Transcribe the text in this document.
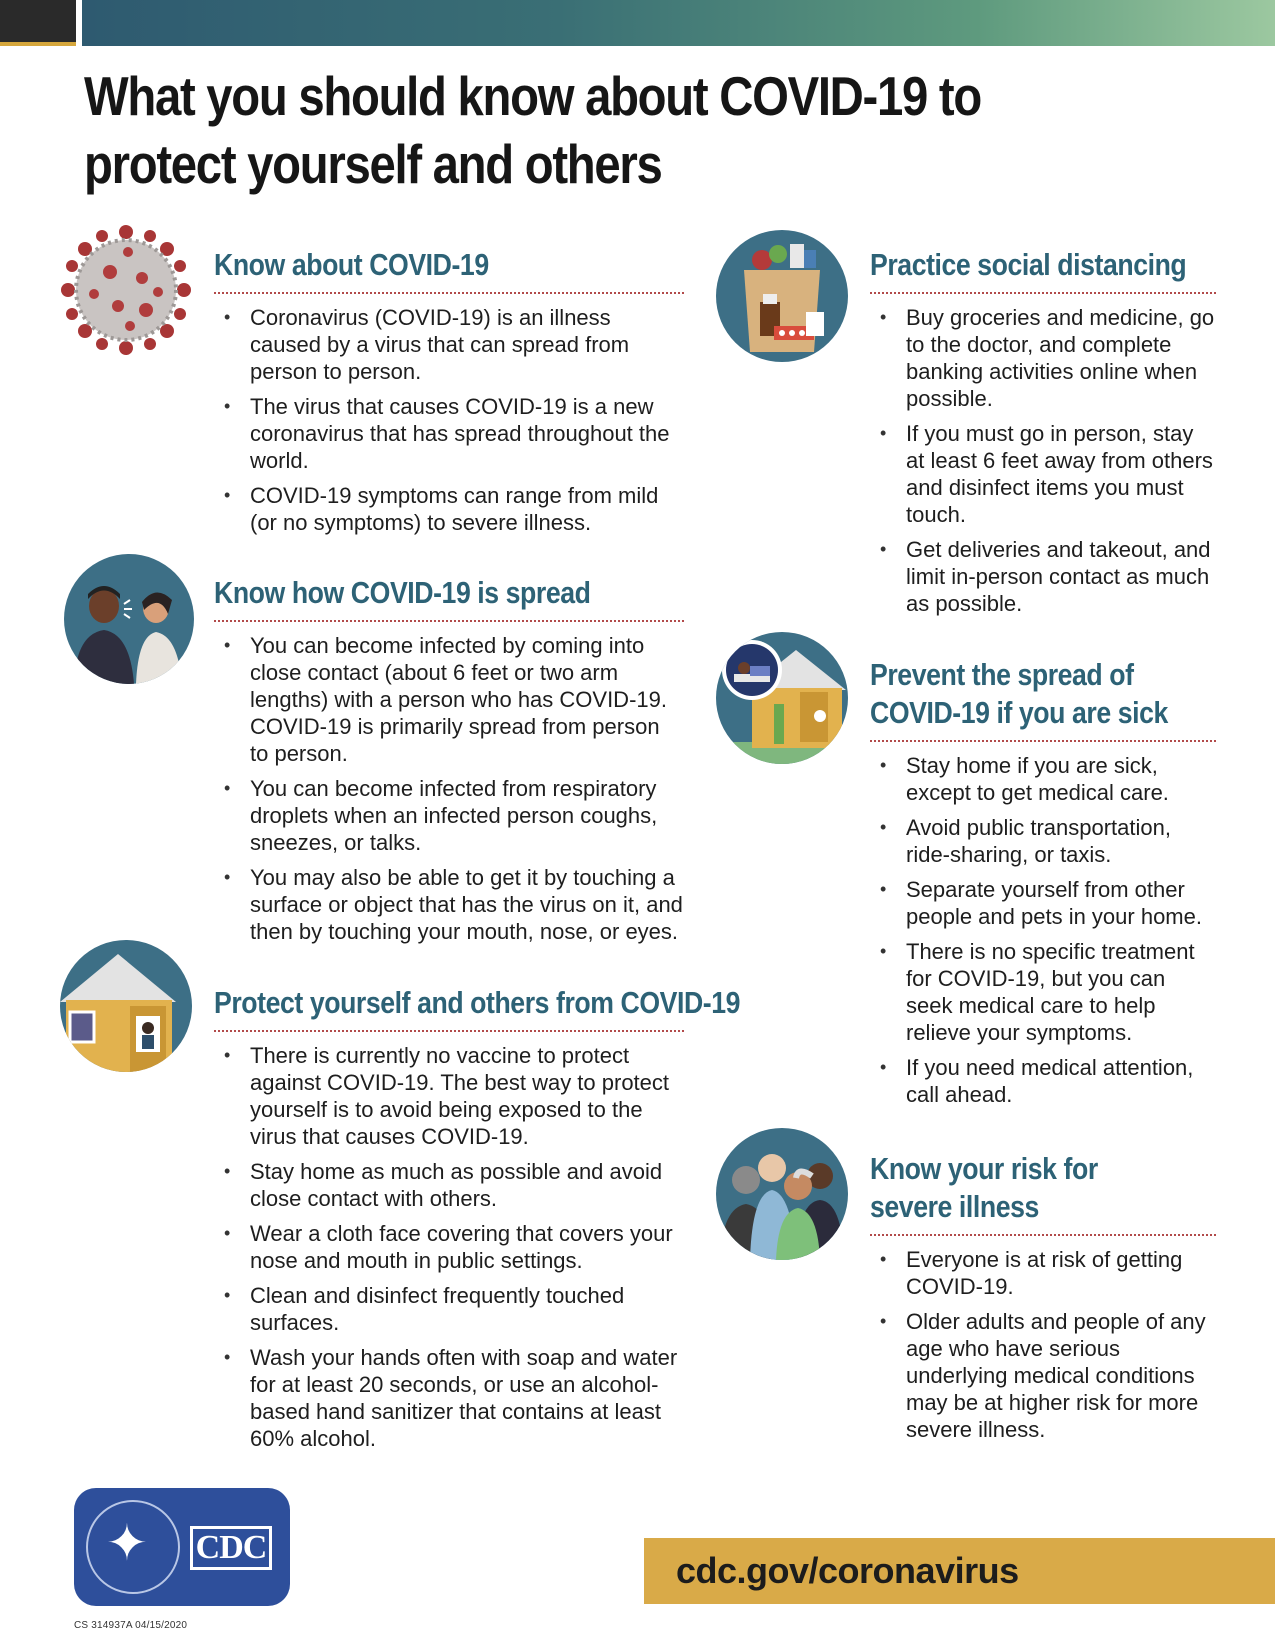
What you should know about COVID-19 to
protect yourself and others
Know about COVID-19
• Coronavirus (COVID-19) is an illness caused by a virus that can spread from person to person.
• The virus that causes COVID-19 is a new coronavirus that has spread throughout the world.
• COVID-19 symptoms can range from mild (or no symptoms) to severe illness.
Know how COVID-19 is spread
• You can become infected by coming into close contact (about 6 feet or two arm lengths) with a person who has COVID-19. COVID-19 is primarily spread from person to person.
• You can become infected from respiratory droplets when an infected person coughs, sneezes, or talks.
• You may also be able to get it by touching a surface or object that has the virus on it, and then by touching your mouth, nose, or eyes.
Protect yourself and others from COVID-19
• There is currently no vaccine to protect against COVID-19. The best way to protect yourself is to avoid being exposed to the virus that causes COVID-19.
• Stay home as much as possible and avoid close contact with others.
• Wear a cloth face covering that covers your nose and mouth in public settings.
• Clean and disinfect frequently touched surfaces.
• Wash your hands often with soap and water for at least 20 seconds, or use an alcohol-based hand sanitizer that contains at least 60% alcohol.
Practice social distancing
• Buy groceries and medicine, go to the doctor, and complete banking activities online when possible.
• If you must go in person, stay at least 6 feet away from others and disinfect items you must touch.
• Get deliveries and takeout, and limit in-person contact as much as possible.
Prevent the spread of
COVID-19 if you are sick
• Stay home if you are sick, except to get medical care.
• Avoid public transportation, ride-sharing, or taxis.
• Separate yourself from other people and pets in your home.
• There is no specific treatment for COVID-19, but you can seek medical care to help relieve your symptoms.
• If you need medical attention, call ahead.
Know your risk for
severe illness
• Everyone is at risk of getting COVID-19.
• Older adults and people of any age who have serious underlying medical conditions may be at higher risk for more severe illness.
✦ CDC
cdc.gov/coronavirus
CS 314937A 04/15/2020
